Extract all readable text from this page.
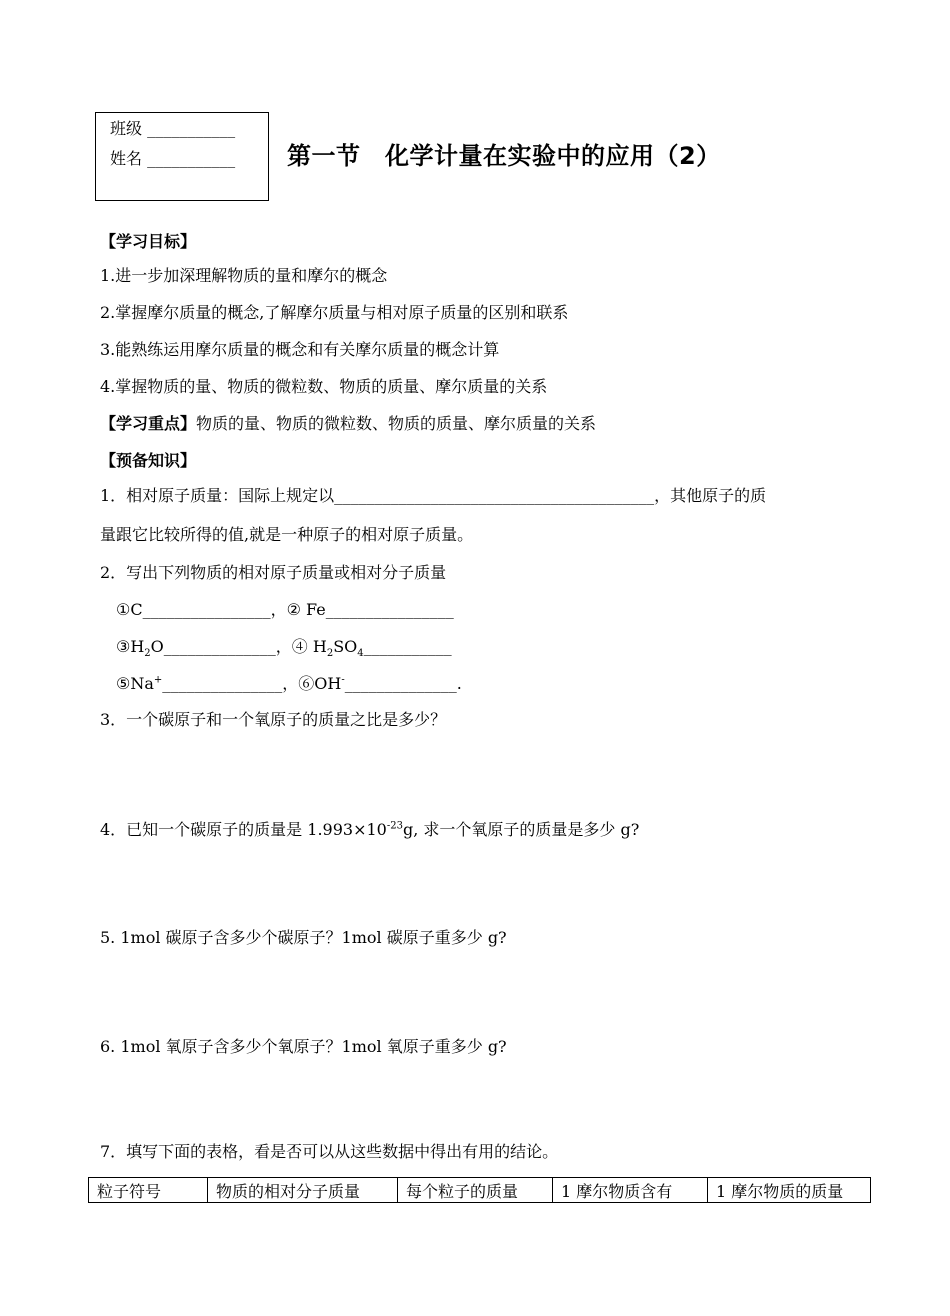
班级 ___________
姓名 ___________ 第一节　化学计量在实验中的应用（2）
【学习目标】
1.进一步加深理解物质的量和摩尔的概念
2.掌握摩尔质量的概念,了解摩尔质量与相对原子质量的区别和联系
3.能熟练运用摩尔质量的概念和有关摩尔质量的概念计算
4.掌握物质的量、物质的微粒数、物质的质量、摩尔质量的关系
【学习重点】物质的量、物质的微粒数、物质的质量、摩尔质量的关系
【预备知识】
1．相对原子质量：国际上规定以________________________________________，其他原子的质
量跟它比较所得的值,就是一种原子的相对原子质量。
2．写出下列物质的相对原子质量或相对分子质量
①C________________，② Fe________________
$③H_2O\_\_\_\_\_\_\_\_\_\_\_\_\_\_$，④ $H_2SO_4\_\_\_\_\_\_\_\_\_\_\_$
⑤Na+_______________，⑥OH-______________.
3．一个碳原子和一个氧原子的质量之比是多少？
4．已知一个碳原子的质量是 $1.993\times 10^{-23}g$, 求一个氧原子的质量是多少 g?
5. 1mol 碳原子含多少个碳原子？1mol 碳原子重多少 g?
6. 1mol 氧原子含多少个氧原子？1mol 氧原子重多少 g?
7．填写下面的表格，看是否可以从这些数据中得出有用的结论。
粒子符号	物质的相对分子质量	每个粒子的质量	1 摩尔物质含有	1 摩尔物质的质量
